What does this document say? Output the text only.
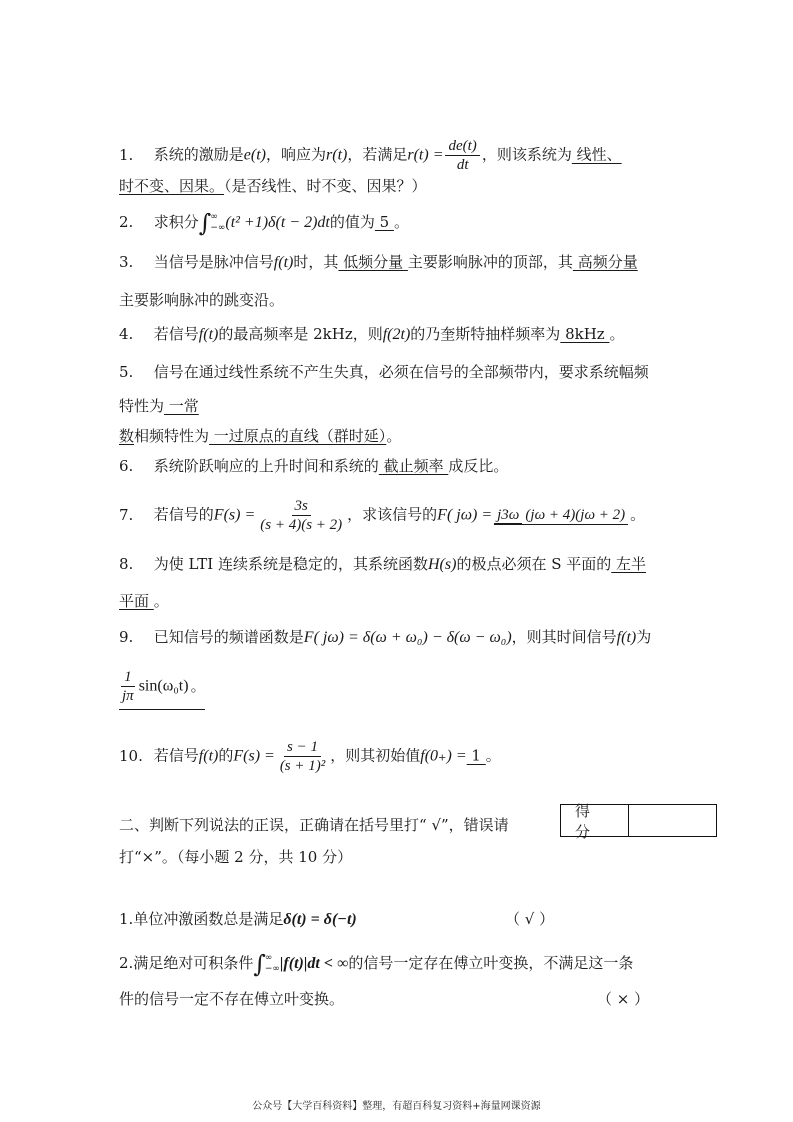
1. 系统的激励是e(t)，响应为r(t)，若满足$r(t) = \frac{de(t)}{dt}$ ，则该系统为 线性、
时不变、因果。（是否线性、时不变、因果？）
2. 求积分 ∫ ∞
−∞ (t² +1)δ(t − 2)dt的值为 5 。
3. 当信号是脉冲信号f(t)时，其 低频分量 主要影响脉冲的顶部，其 高频分量
主要影响脉冲的跳变沿。
4. 若信号f(t)的最高频率是 2kHz，则f(2t)的乃奎斯特抽样频率为 8kHz 。
5. 信号在通过线性系统不产生失真，必须在信号的全部频带内，要求系统幅频
特性为 一常
数相频特性为 一过原点的直线（群时延）。
6. 系统阶跃响应的上升时间和系统的 截止频率 成反比。
7. 若信号的$F(s) = \frac{3s}{(s + 4)(s + 2)}$ ，求该信号的F( jω) = j3ω (jω + 4)(jω + 2) 。
8. 为使 LTI 连续系统是稳定的，其系统函数H(s)的极点必须在 S 平面的 左半
平面 。
9. 已知信号的频谱函数是F( jω) = δ(ω + ω₀) − δ(ω − ω₀)，则其时间信号f(t)为
$\frac{1}{j\pi} \sin(\omega_0t)$ 。
10. 若信号f(t)的$F(s) = \frac{s - 1}{\text{(s + 1)²}}$ ，则其初始值f(0₊) = 1 。
二、判断下列说法的正误，正确请在括号里打“ √”，错误请
打“×”。（每小题 2 分，共 10 分）
得分
1.单位冲激函数总是满足δ(t) = δ(−t)	（ √ ）
2.满足绝对可积条件 ∫ ∞
−∞ |f(t)|dt < ∞的信号一定存在傅立叶变换，不满足这一条
件的信号一定不存在傅立叶变换。	（ × ）
公众号【大学百科资料】整理，有超百科复习资料+海量网课资源
